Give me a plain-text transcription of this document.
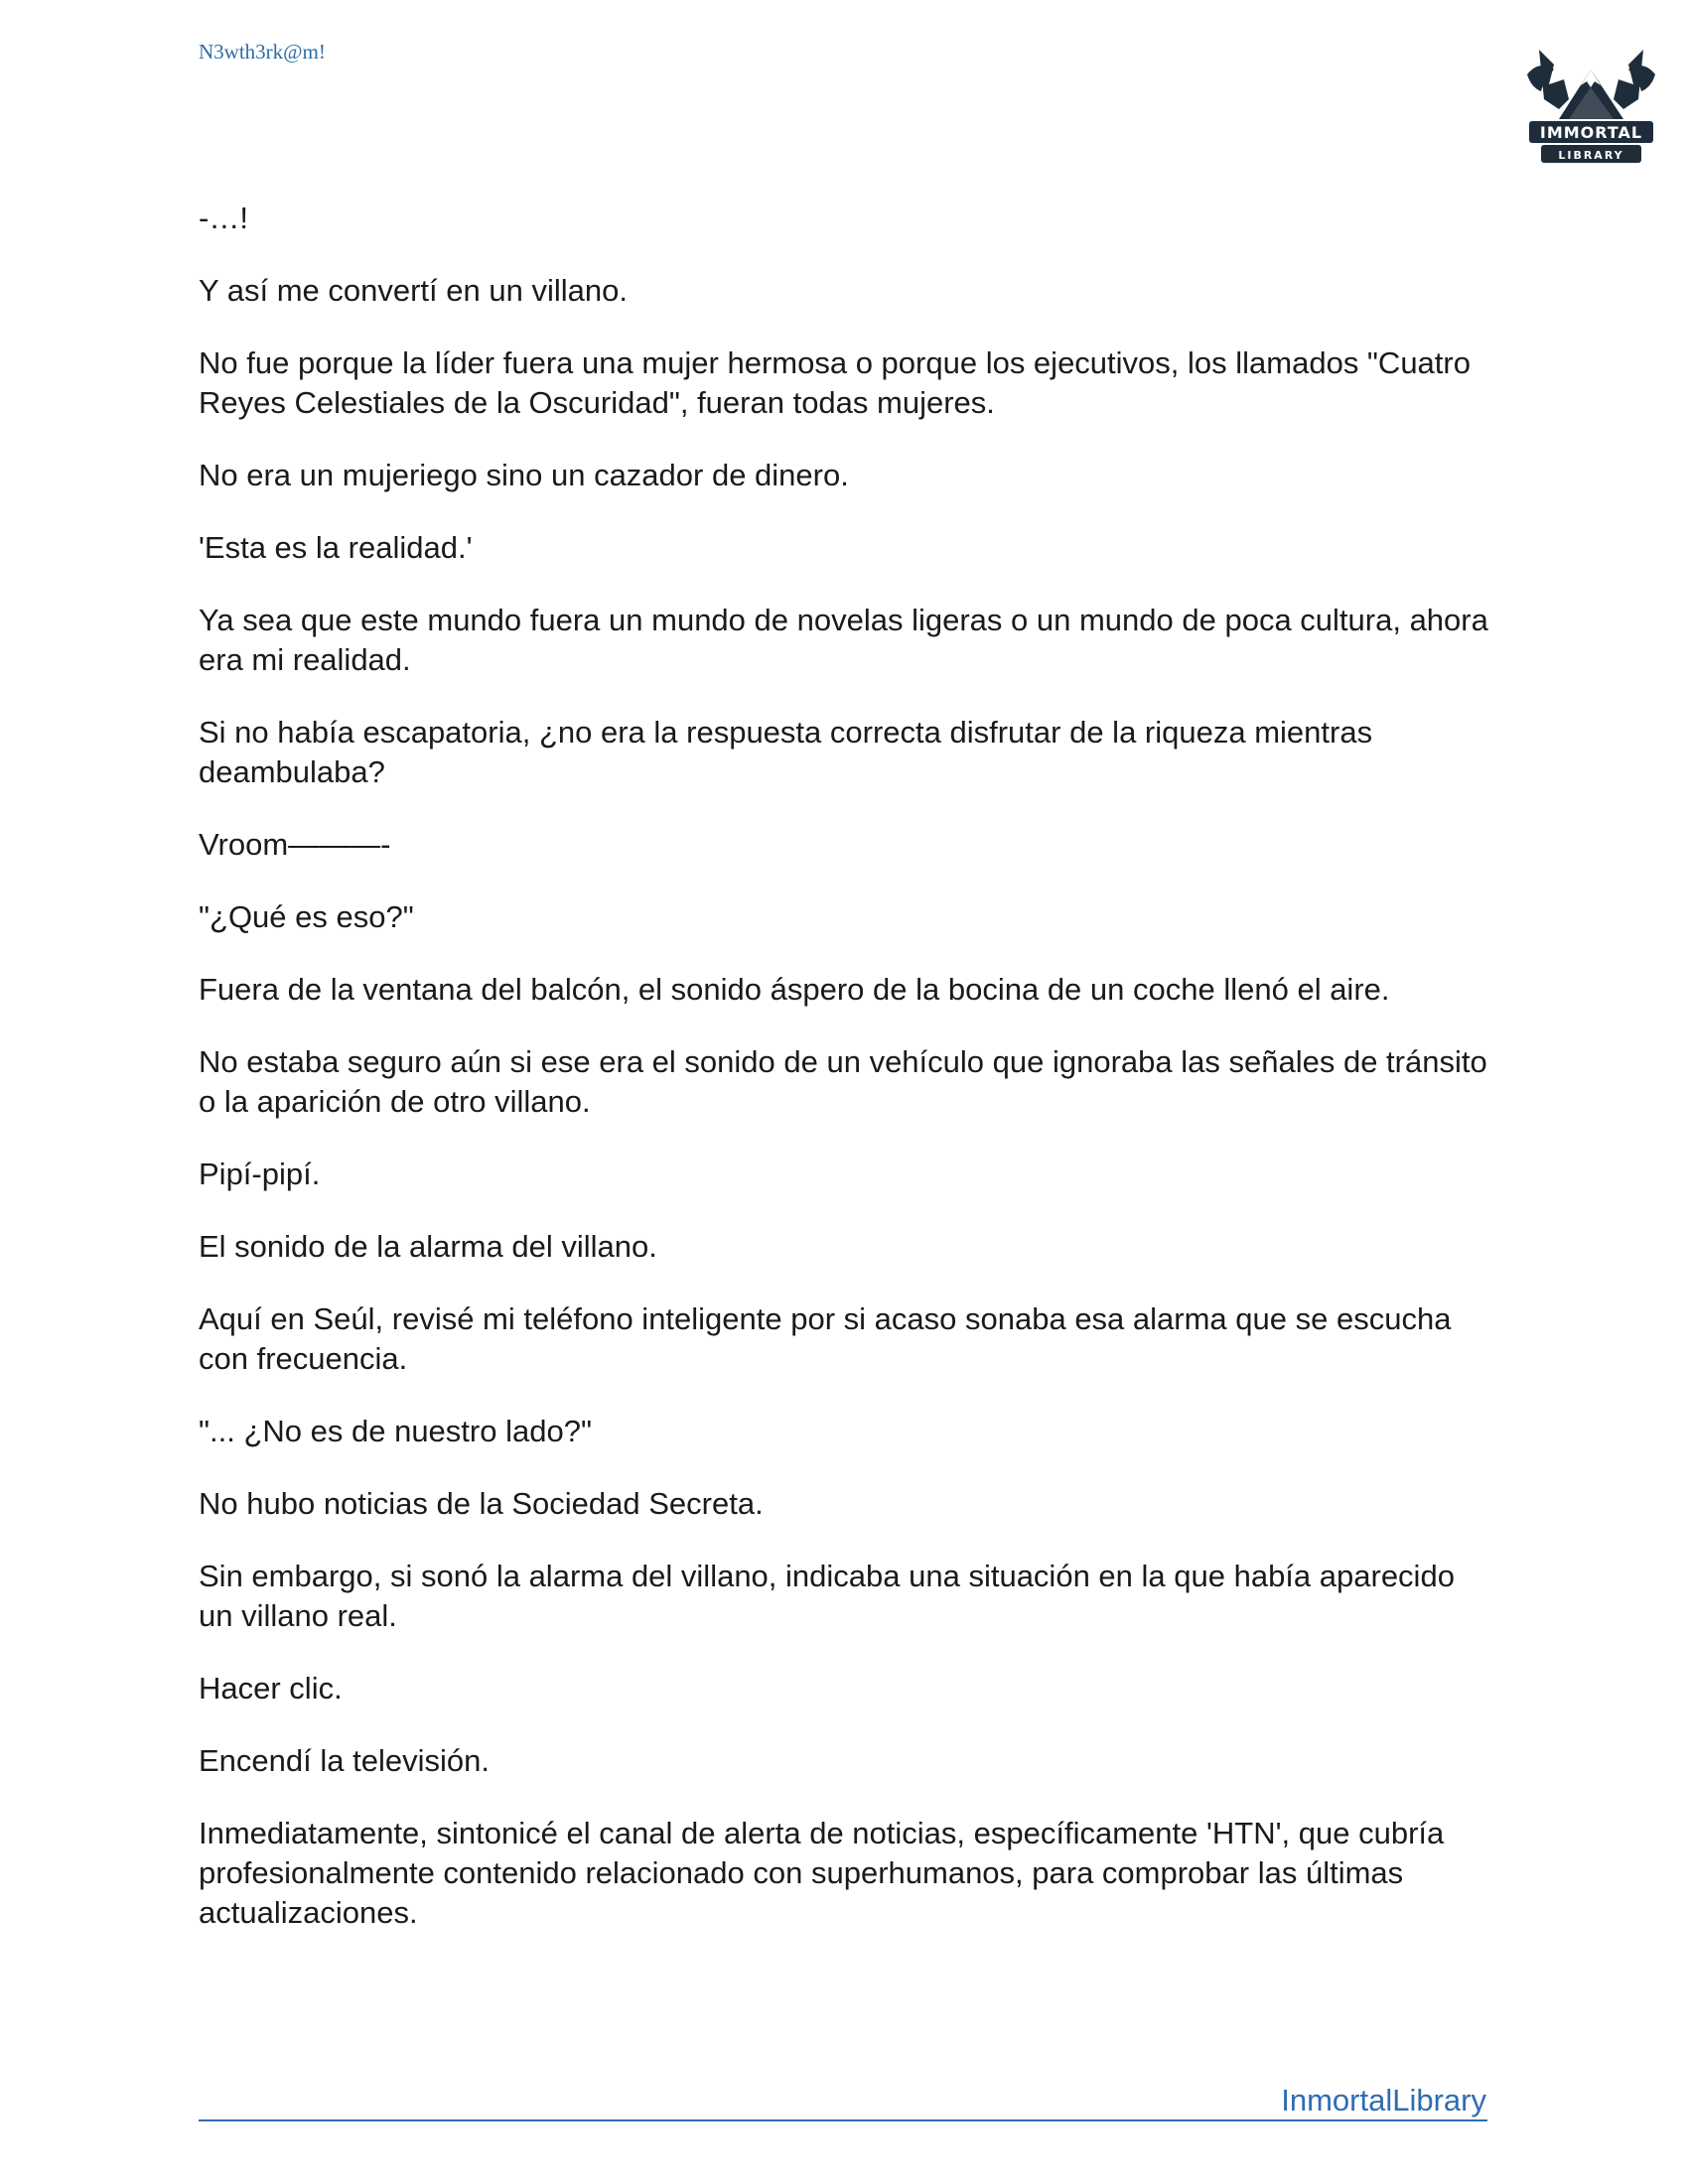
N3wth3rk@m!
IMMORTAL
LIBRARY

-…!

Y así me convertí en un villano.

No fue porque la líder fuera una mujer hermosa o porque los ejecutivos, los llamados "Cuatro Reyes Celestiales de la Oscuridad", fueran todas mujeres.

No era un mujeriego sino un cazador de dinero.

'Esta es la realidad.'

Ya sea que este mundo fuera un mundo de novelas ligeras o un mundo de poca cultura, ahora era mi realidad.

Si no había escapatoria, ¿no era la respuesta correcta disfrutar de la riqueza mientras deambulaba?

Vroom———-

"¿Qué es eso?"

Fuera de la ventana del balcón, el sonido áspero de la bocina de un coche llenó el aire.

No estaba seguro aún si ese era el sonido de un vehículo que ignoraba las señales de tránsito o la aparición de otro villano.

Pipí-pipí.

El sonido de la alarma del villano.

Aquí en Seúl, revisé mi teléfono inteligente por si acaso sonaba esa alarma que se escucha con frecuencia.

"... ¿No es de nuestro lado?"

No hubo noticias de la Sociedad Secreta.

Sin embargo, si sonó la alarma del villano, indicaba una situación en la que había aparecido un villano real.

Hacer clic.

Encendí la televisión.

Inmediatamente, sintonicé el canal de alerta de noticias, específicamente 'HTN', que cubría profesionalmente contenido relacionado con superhumanos, para comprobar las últimas actualizaciones.

InmortalLibrary
